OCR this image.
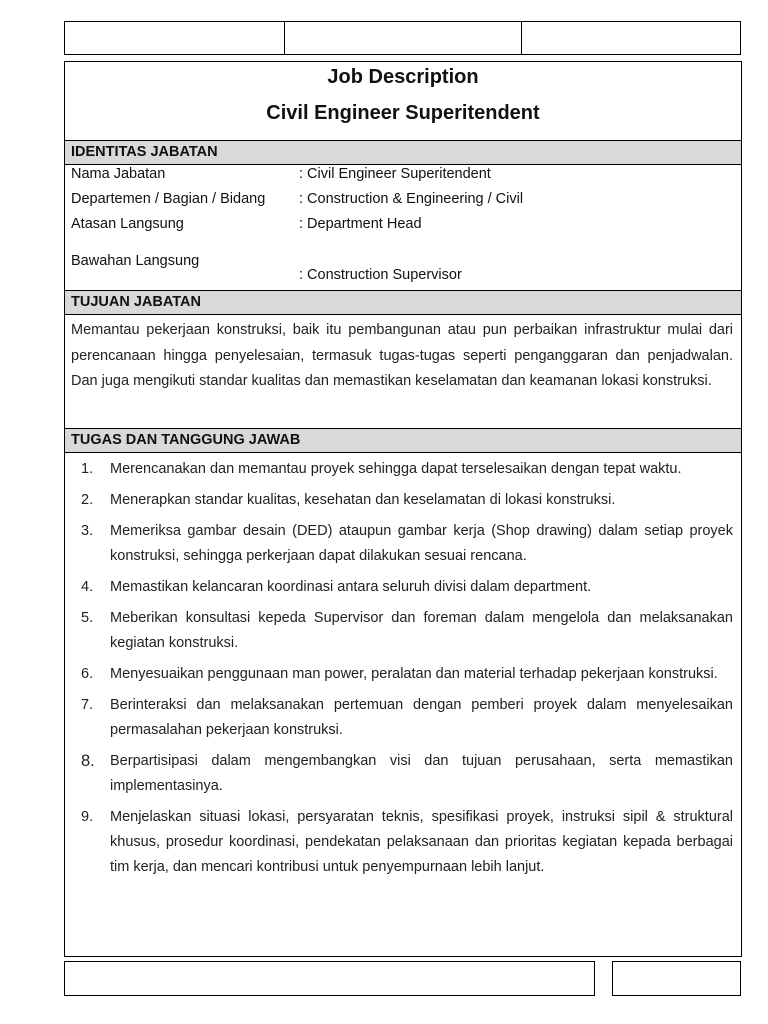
Job Description
Civil Engineer Superitendent
IDENTITAS JABATAN
Nama Jabatan	: Civil Engineer Superitendent
Departemen / Bagian / Bidang : Construction & Engineering / Civil
Atasan Langsung	: Department Head
Bawahan Langsung
: Construction Supervisor
TUJUAN JABATAN
Memantau pekerjaan konstruksi, baik itu pembangunan atau pun perbaikan infrastruktur mulai dari perencanaan hingga penyelesaian, termasuk tugas-tugas seperti penganggaran dan penjadwalan. Dan juga mengikuti standar kualitas dan memastikan keselamatan dan keamanan lokasi konstruksi.
TUGAS DAN TANGGUNG JAWAB
1. Merencanakan dan memantau proyek sehingga dapat terselesaikan dengan tepat waktu.
2. Menerapkan standar kualitas, kesehatan dan keselamatan di lokasi konstruksi.
3. Memeriksa gambar desain (DED) ataupun gambar kerja (Shop drawing) dalam setiap proyek konstruksi, sehingga perkerjaan dapat dilakukan sesuai rencana.
4. Memastikan kelancaran koordinasi antara seluruh divisi dalam department.
5. Meberikan konsultasi kepeda Supervisor dan foreman dalam mengelola dan melaksanakan kegiatan konstruksi.
6. Menyesuaikan penggunaan man power, peralatan dan material terhadap pekerjaan konstruksi.
7. Berinteraksi dan melaksanakan pertemuan dengan pemberi proyek dalam menyelesaikan permasalahan pekerjaan konstruksi.
8. Berpartisipasi dalam mengembangkan visi dan tujuan perusahaan, serta memastikan implementasinya.
9. Menjelaskan situasi lokasi, persyaratan teknis, spesifikasi proyek, instruksi sipil & struktural khusus, prosedur koordinasi, pendekatan pelaksanaan dan prioritas kegiatan kepada berbagai tim kerja, dan mencari kontribusi untuk penyempurnaan lebih lanjut.
